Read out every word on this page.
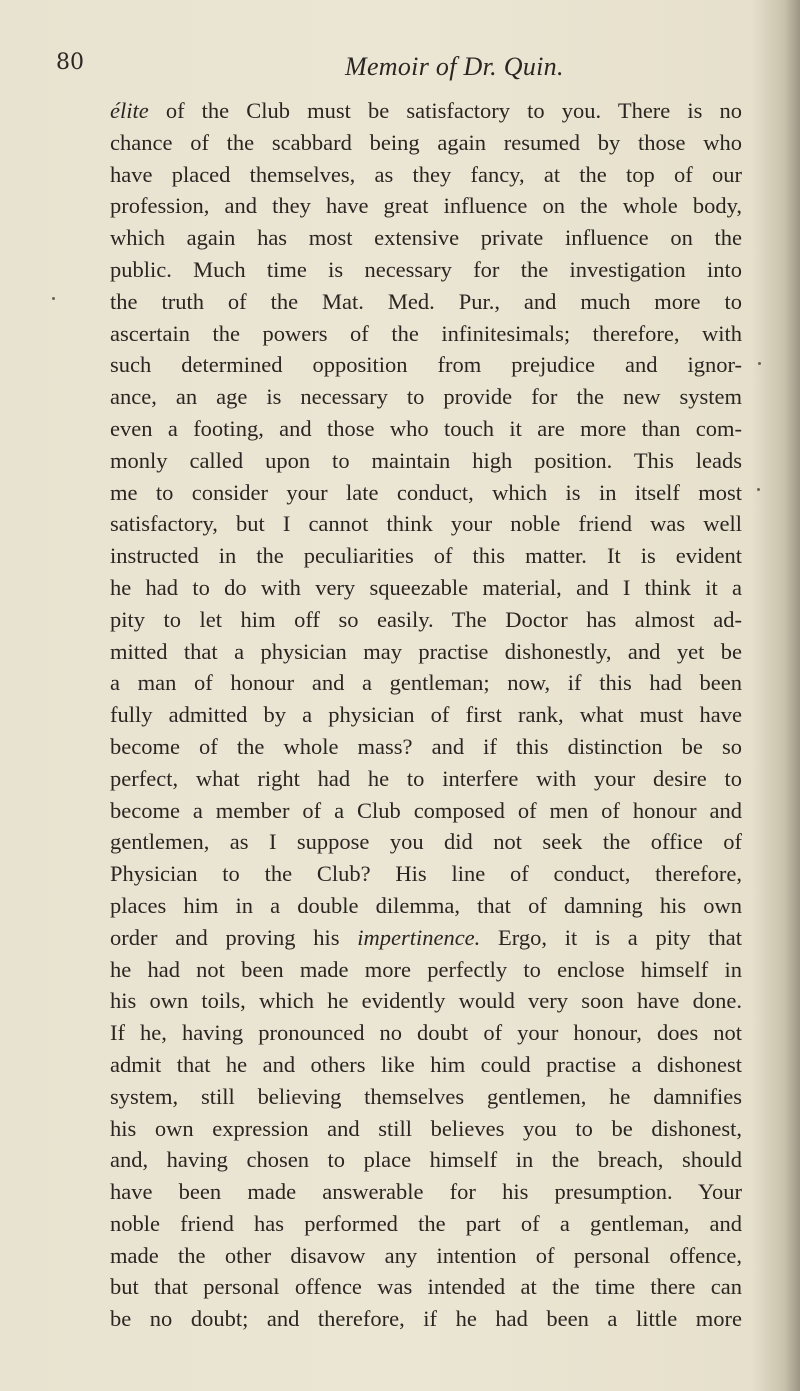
80	Memoir of Dr. Quin.
élite of the Club must be satisfactory to you. There is no
chance of the scabbard being again resumed by those who
have placed themselves, as they fancy, at the top of our
profession, and they have great influence on the whole body,
which again has most extensive private influence on the
public. Much time is necessary for the investigation into
the truth of the Mat. Med. Pur., and much more to
ascertain the powers of the infinitesimals; therefore, with
such determined opposition from prejudice and ignor-
ance, an age is necessary to provide for the new system
even a footing, and those who touch it are more than com-
monly called upon to maintain high position. This leads
me to consider your late conduct, which is in itself most
satisfactory, but I cannot think your noble friend was well
instructed in the peculiarities of this matter. It is evident
he had to do with very squeezable material, and I think it a
pity to let him off so easily. The Doctor has almost ad-
mitted that a physician may practise dishonestly, and yet be
a man of honour and a gentleman; now, if this had been
fully admitted by a physician of first rank, what must have
become of the whole mass? and if this distinction be so
perfect, what right had he to interfere with your desire to
become a member of a Club composed of men of honour and
gentlemen, as I suppose you did not seek the office of
Physician to the Club? His line of conduct, therefore,
places him in a double dilemma, that of damning his own
order and proving his impertinence. Ergo, it is a pity that
he had not been made more perfectly to enclose himself in
his own toils, which he evidently would very soon have done.
If he, having pronounced no doubt of your honour, does not
admit that he and others like him could practise a dishonest
system, still believing themselves gentlemen, he damnifies
his own expression and still believes you to be dishonest,
and, having chosen to place himself in the breach, should
have been made answerable for his presumption. Your
noble friend has performed the part of a gentleman, and
made the other disavow any intention of personal offence,
but that personal offence was intended at the time there can
be no doubt; and therefore, if he had been a little more
